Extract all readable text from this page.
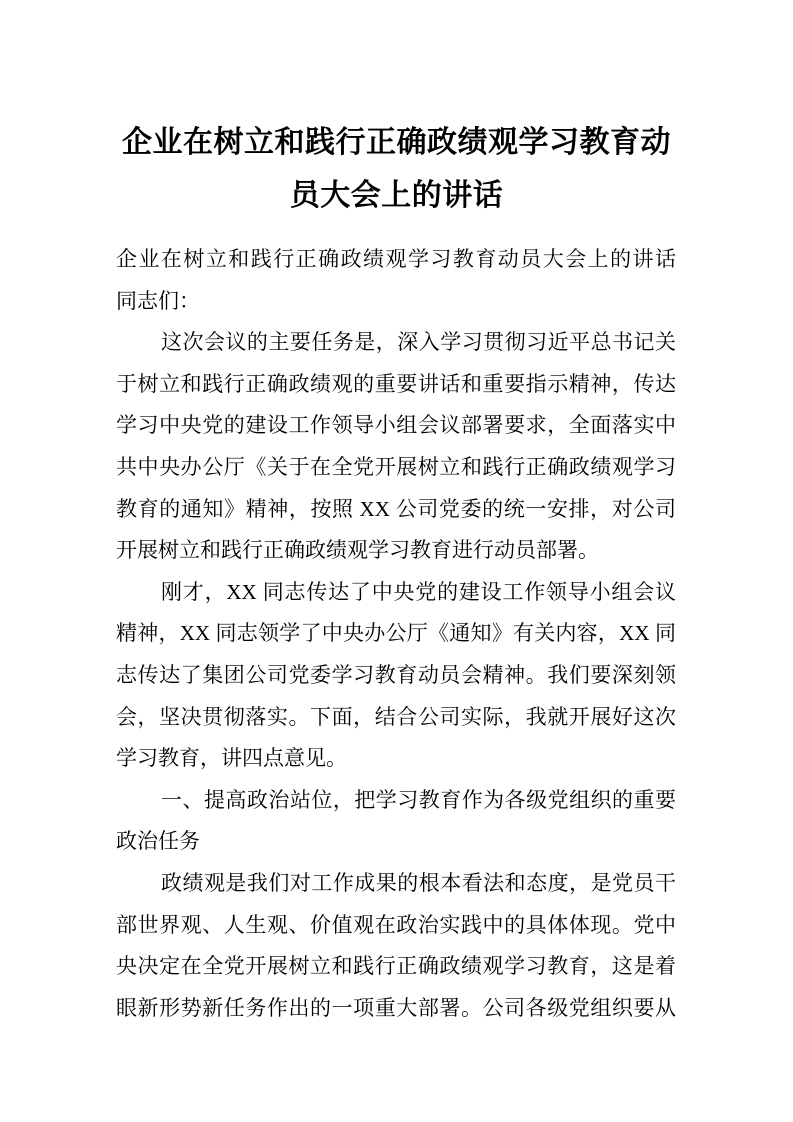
企业在树立和践行正确政绩观学习教育动
员大会上的讲话
企业在树立和践行正确政绩观学习教育动员大会上的讲话
同志们：
这次会议的主要任务是，深入学习贯彻习近平总书记关
于树立和践行正确政绩观的重要讲话和重要指示精神，传达
学习中央党的建设工作领导小组会议部署要求，全面落实中
共中央办公厅《关于在全党开展树立和践行正确政绩观学习
教育的通知》精神，按照 XX 公司党委的统一安排，对公司
开展树立和践行正确政绩观学习教育进行动员部署。
刚才，XX 同志传达了中央党的建设工作领导小组会议
精神，XX 同志领学了中央办公厅《通知》有关内容，XX 同
志传达了集团公司党委学习教育动员会精神。我们要深刻领
会，坚决贯彻落实。下面，结合公司实际，我就开展好这次
学习教育，讲四点意见。
一、提高政治站位，把学习教育作为各级党组织的重要
政治任务
政绩观是我们对工作成果的根本看法和态度，是党员干
部世界观、人生观、价值观在政治实践中的具体体现。党中
央决定在全党开展树立和践行正确政绩观学习教育，这是着
眼新形势新任务作出的一项重大部署。公司各级党组织要从
